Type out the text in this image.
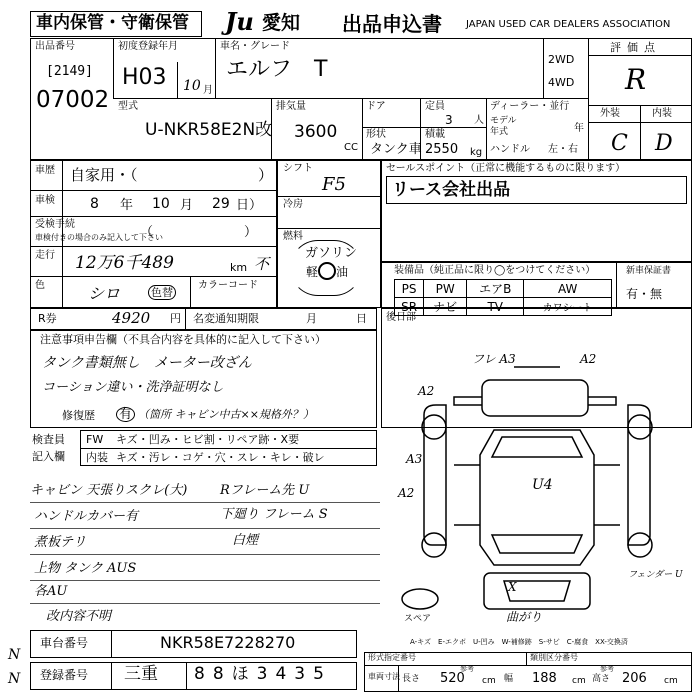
車内保管・守衛保管 Ju 愛知 出品申込書 JAPAN USED CAR DEALERS ASSOCIATION
出品番号
[2149]
07002
初度登録年月
H03 10 月
車名・グレード
エルフ　T	2WD
4WD
評価点
R
型式
U-NKR58E2N改
排気量
3600
CC
ドア	定員
3 人
形状
タンク車
積載
2550 kg
ディーラー・並行
モデル
年式	年
ハンドル 左・右
外装	内装
C D
車歴 自家用・（	）
車検	8 年 10 月 29 日）
受検手続
車検付きの場合のみ記入して下さい
（　　　　　　　）
走行 12万6千489	km 不
色	シロ	色替
カラーコード
シフト
F5
冷房
燃料
ガソリン
軽 油
セールスポイント（正常に機能するものに限ります）
リース会社出品
装備品（純正品に限り◯をつけてください）
PS	PW	エアB	AW
SR	ナビ	TV	カワシート
新車保証書
有・無
R券	4920 円 名変通知期限	月	日 後日部
注意事項申告欄（不具合内容を具体的に記入して下さい）
タンク書類無し　メーター改ざん
コーション違い・洗浄証明なし
修復歴 有 （箇所 キャビン中古××規格外？）
検査員
記入欄
FW キズ・凹み・ヒビ割・リペア跡・X要
内装 キズ・汚レ・コゲ・穴・スレ・キレ・破レ
キャビン 天張りスクレ(大)	Rフレーム先 U
ハンドルカバー有	下廻り フレーム S
煮板テリ	白煙
上物 タンク AUS
各AU
改内容不明
フレ A3	A2
A2
A3
A2	U4
フェンダー U
スペア	曲がり
X
N
N
車台番号	NKR58E7228270
登録番号 三重 88ほ3435
A-キズ　E-エクボ　U-凹み　W-補修跡　S-サビ　C-腐食　XX-交換済
形式指定番号	類別区分番号
参考	参考
車両寸法 長さ 520 cm 幅 188 cm 高さ 206 cm
